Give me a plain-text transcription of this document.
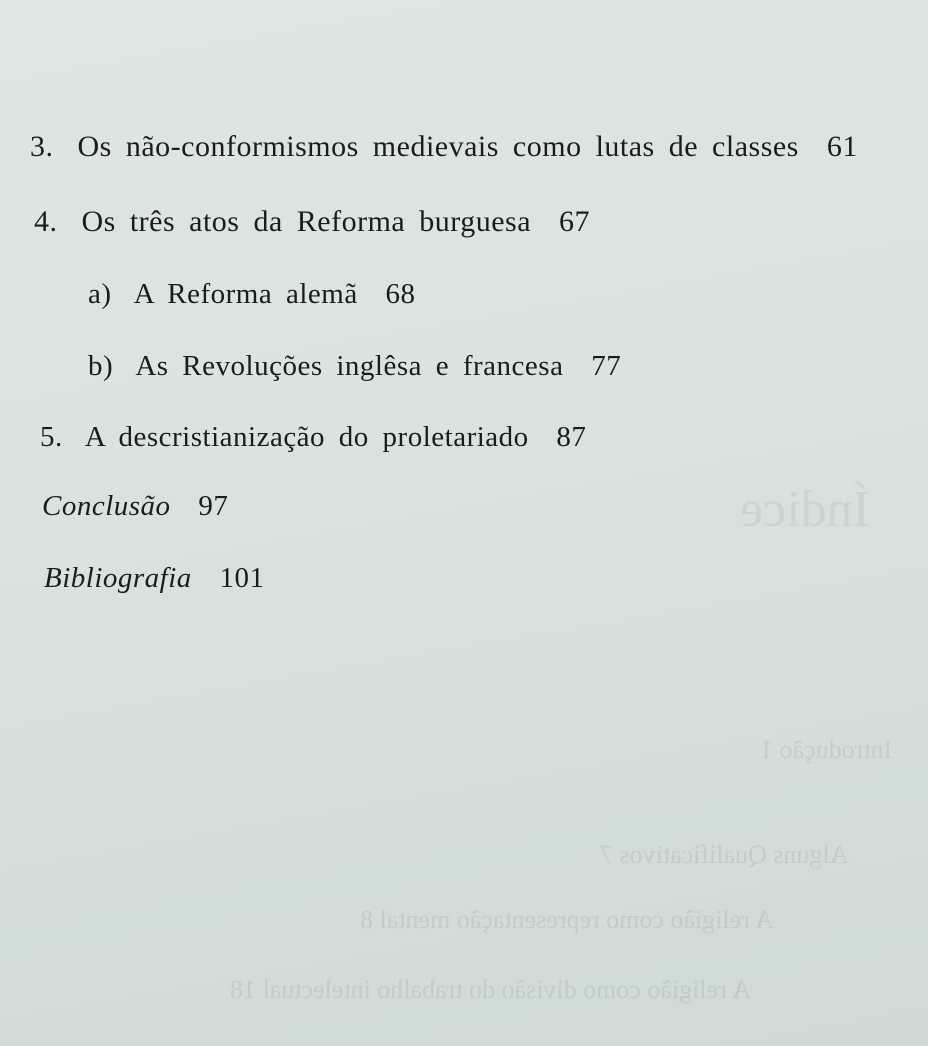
Índice
Introdução 1
Alguns Qualificativos 7
A religião como representação mental 8
A religião como divisão do trabalho intelectual 18
3. Os não-conformismos medievais como lutas de classes 61
4. Os três atos da Reforma burguesa 67
a) A Reforma alemã 68
b) As Revoluções inglêsa e francesa 77
5. A descristianização do proletariado 87
Conclusão 97
Bibliografia 101
